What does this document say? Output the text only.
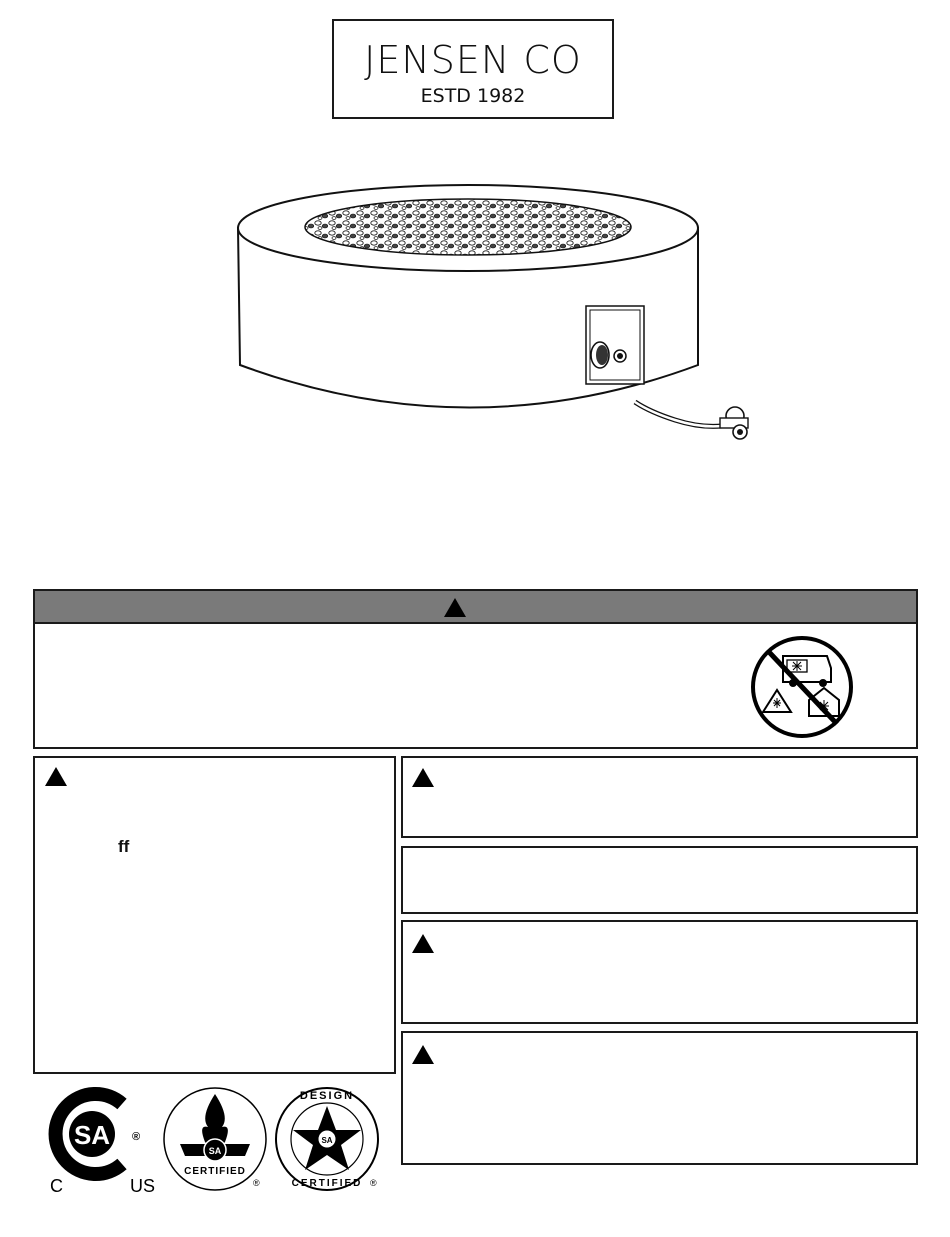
JENSEN CO
ESTD 1982
ff
SA ®
C	US
SA
CERTIFIED
®
SA
DESIGN
CERTIFIED ®
